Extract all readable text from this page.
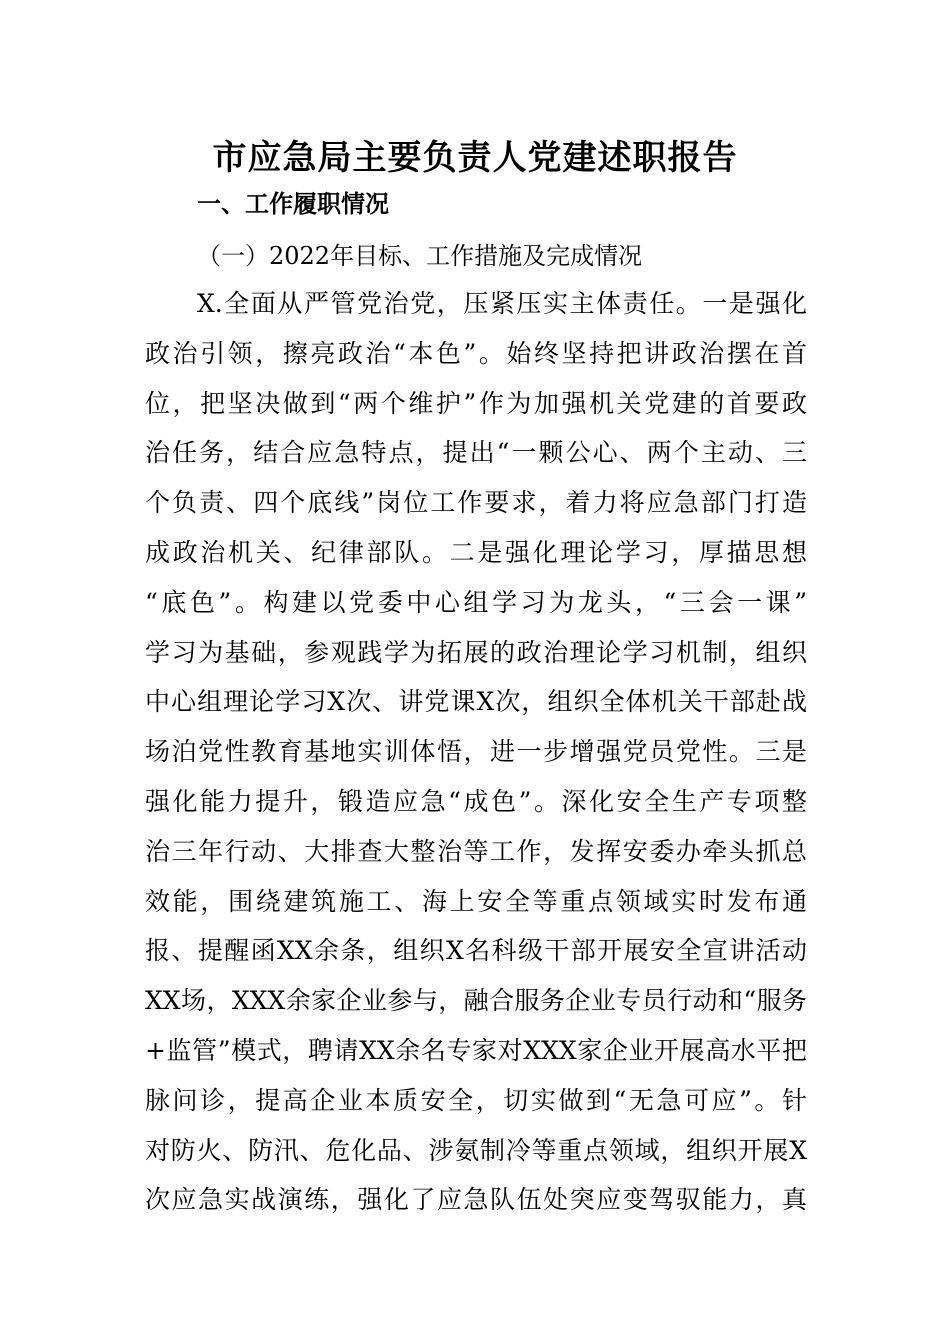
市应急局主要负责人党建述职报告
一、工作履职情况
（一）2022年目标、工作措施及完成情况
X.全面从严管党治党，压紧压实主体责任。一是强化
政治引领，擦亮政治“本色”。始终坚持把讲政治摆在首
位，把坚决做到“两个维护”作为加强机关党建的首要政
治任务，结合应急特点，提出“一颗公心、两个主动、三
个负责、四个底线”岗位工作要求，着力将应急部门打造
成政治机关、纪律部队。二是强化理论学习，厚描思想
“底色”。构建以党委中心组学习为龙头，“三会一课”
学习为基础，参观践学为拓展的政治理论学习机制，组织
中心组理论学习X次、讲党课X次，组织全体机关干部赴战
场泊党性教育基地实训体悟，进一步增强党员党性。三是
强化能力提升，锻造应急“成色”。深化安全生产专项整
治三年行动、大排查大整治等工作，发挥安委办牵头抓总
效能，围绕建筑施工、海上安全等重点领域实时发布通
报、提醒函XX余条，组织X名科级干部开展安全宣讲活动
XX场，XXX余家企业参与，融合服务企业专员行动和“服务
+监管”模式，聘请XX余名专家对XXX家企业开展高水平把
脉问诊，提高企业本质安全，切实做到“无急可应”。针
对防火、防汛、危化品、涉氨制冷等重点领域，组织开展X
次应急实战演练，强化了应急队伍处突应变驾驭能力，真
